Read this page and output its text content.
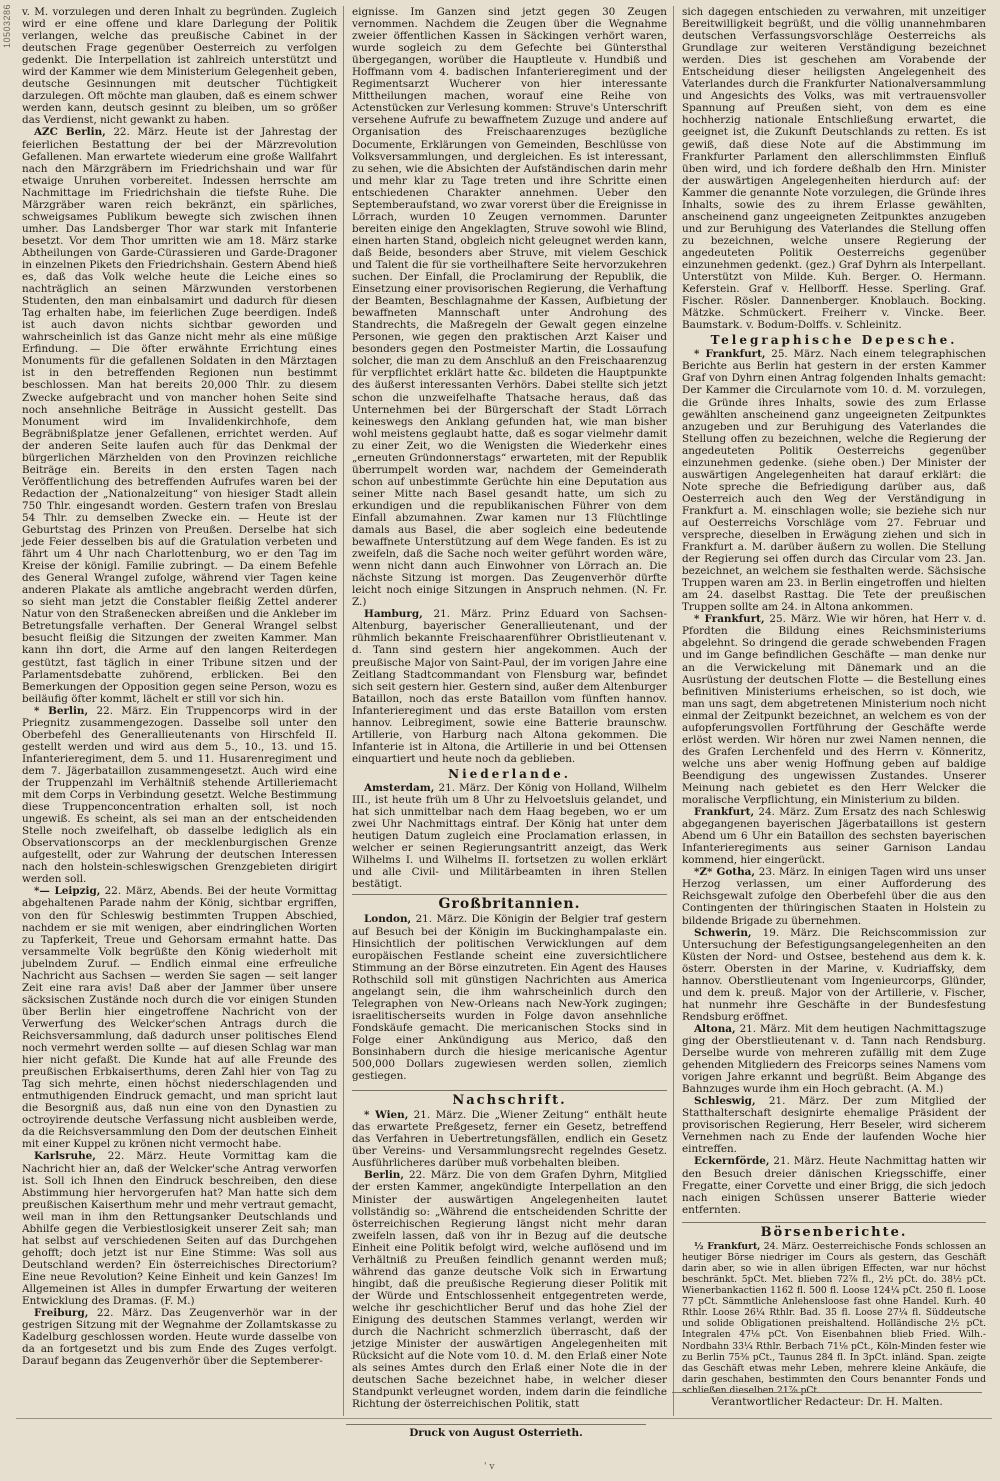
10503286 v. M. vorzulegen und deren Inhalt zu begründen. Zugleich wird er eine offene und klare Darlegung der Politik verlangen, welche das preußische Cabinet in der deutschen Frage gegenüber Oesterreich zu verfolgen gedenkt. Die Interpellation ist zahlreich unterstützt und wird der Kammer wie dem Ministerium Gelegenheit geben, deutsche Gesinnungen mit deutscher Tüchtigkeit darzulegen. Oft möchte man glauben, daß es einem schwer werden kann, deutsch gesinnt zu bleiben, um so größer das Verdienst, nicht gewankt zu haben.

AZC Berlin, 22. März. Heute ist der Jahrestag der feierlichen Bestattung der bei der Märzrevolution Gefallenen. Man erwartete wiederum eine große Wallfahrt nach den Märzgräbern im Friedrichshain und war für etwaige Unruhen vorbereitet. Indessen herrschte am Nachmittage im Friedrichshain die tiefste Ruhe. Die Märzgräber waren reich bekränzt, ein spärliches, schweigsames Publikum bewegte sich zwischen ihnen umher. Das Landsberger Thor war stark mit Infanterie besetzt. Vor dem Thor umritten wie am 18. März starke Abtheilungen von Garde-Cürassieren und Garde-Dragoner in einzelnen Pikets den Friedrichshain. Gestern Abend hieß es, daß das Volk welche heute die Leiche eines so nachträglich an seinen Märzwunden verstorbenen Studenten, den man einbalsamirt und dadurch für diesen Tag erhalten habe, im feierlichen Zuge beerdigen. Indeß ist auch davon nichts sichtbar geworden und wahrscheinlich ist das Ganze nicht mehr als eine müßige Erfindung. — Die öfter erwähnte Errichtung eines Monuments für die gefallenen Soldaten in den Märztagen ist in den betreffenden Regionen nun bestimmt beschlossen. Man hat bereits 20,000 Thlr. zu diesem Zwecke aufgebracht und von mancher hohen Seite sind noch ansehnliche Beiträge in Aussicht gestellt. Das Monument wird im Invalidenkirchhofe, dem Begräbnißplatze jener Gefallenen, errichtet werden. Auf der anderen Seite laufen auch für das Denkmal der bürgerlichen Märzhelden von den Provinzen reichliche Beiträge ein. Bereits in den ersten Tagen nach Veröffentlichung des betreffenden Aufrufes waren bei der Redaction der „Nationalzeitung“ von hiesiger Stadt allein 750 Thlr. eingesandt worden. Gestern trafen von Breslau 54 Thlr. zu demselben Zwecke ein. — Heute ist der Geburtstag des Prinzen von Preußen. Derselbe hat sich jede Feier desselben bis auf die Gratulation verbeten und fährt um 4 Uhr nach Charlottenburg, wo er den Tag im Kreise der königl. Familie zubringt. — Da einem Befehle des General Wrangel zufolge, während vier Tagen keine anderen Plakate als amtliche angebracht werden dürfen, so sieht man jetzt die Constabler fleißig Zettel anderer Natur von den Straßenecken abreißen und die Ankleber im Betretungsfalle verhaften. Der General Wrangel selbst besucht fleißig die Sitzungen der zweiten Kammer. Man kann ihn dort, die Arme auf den langen Reiterdegen gestützt, fast täglich in einer Tribune sitzen und der Parlamentsdebatte zuhörend, erblicken. Bei den Bemerkungen der Opposition gegen seine Person, wozu es beiläufig öfter kommt, lächelt er still vor sich hin.

* Berlin, 22. März. Ein Truppencorps wird in der Priegnitz zusammengezogen. Dasselbe soll unter den Oberbefehl des Generallieutenants von Hirschfeld II. gestellt werden und wird aus dem 5., 10., 13. und 15. Infanterieregiment, dem 5. und 11. Husarenregiment und dem 7. Jägerbataillon zusammengesetzt. Auch wird eine der Truppenzahl im Verhältniß stehende Artilleriemacht mit dem Corps in Verbindung gesetzt. Welche Bestimmung diese Truppenconcentration erhalten soll, ist noch ungewiß. Es scheint, als sei man an der entscheidenden Stelle noch zweifelhaft, ob dasselbe lediglich als ein Observationscorps an der mecklenburgischen Grenze aufgestellt, oder zur Wahrung der deutschen Interessen nach den holstein-schleswigschen Grenzgebieten dirigirt werden soll.

*— Leipzig, 22. März, Abends. Bei der heute Vormittag abgehaltenen Parade nahm der König, sichtbar ergriffen, von den für Schleswig bestimmten Truppen Abschied, nachdem er sie mit wenigen, aber eindringlichen Worten zu Tapferkeit, Treue und Gehorsam ermahnt hatte. Das versammelte Volk begrüßte den König wiederholt mit jubelndem Zuruf. — Endlich einmal eine erfreuliche Nachricht aus Sachsen — werden Sie sagen — seit langer Zeit eine rara avis! Daß aber der Jammer über unsere säcksischen Zustände noch durch die vor einigen Stunden über Berlin hier eingetroffene Nachricht von der Verwerfung des Welcker'schen Antrags durch die Reichsversammlung, daß dadurch unser politisches Elend noch vermehrt werden sollte — auf diesen Schlag war man hier nicht gefaßt. Die Kunde hat auf alle Freunde des preußischen Erbkaiserthums, deren Zahl hier von Tag zu Tag sich mehrte, einen höchst niederschlagenden und entmuthigenden Eindruck gemacht, und man spricht laut die Besorgniß aus, daß nun eine von den Dynastien zu octroyirende deutsche Verfassung nicht ausbleiben werde, da die Reichsversammlung den Dom der deutschen Einheit mit einer Kuppel zu krönen nicht vermocht habe.

Karlsruhe, 22. März. Heute Vormittag kam die Nachricht hier an, daß der Welcker'sche Antrag verworfen ist. Soll ich Ihnen den Eindruck beschreiben, den diese Abstimmung hier hervorgerufen hat? Man hatte sich dem preußischen Kaiserthum mehr und mehr vertraut gemacht, weil man in ihm den Rettungsanker Deutschlands und Abhilfe gegen die Verbiestlosigkeit unserer Zeit sah; man hat selbst auf verschiedenen Seiten auf das Durchgehen gehofft; doch jetzt ist nur Eine Stimme: Was soll aus Deutschland werden? Ein österreichisches Directorium? Eine neue Revolution? Keine Einheit und kein Ganzes! Im Allgemeinen ist Alles in dumpfer Erwartung der weiteren Entwicklung des Dramas. (F. M.)

Freiburg, 22. März. Das Zeugenverhör war in der gestrigen Sitzung mit der Wegnahme der Zollamtskasse zu Kadelburg geschlossen worden. Heute wurde dasselbe von da an fortgesetzt und bis zum Ende des Zuges verfolgt. Darauf begann das Zeugenverhör über die Septemberer-

eignisse. Im Ganzen sind jetzt gegen 30 Zeugen vernommen. Nachdem die Zeugen über die Wegnahme zweier öffentlichen Kassen in Säckingen verhört waren, wurde sogleich zu dem Gefechte bei Güntersthal übergegangen, worüber die Hauptleute v. Hundbiß und Hoffmann vom 4. badischen Infanterieregiment und der Regimentsarzt Wucherer von hier interessante Mittheilungen machen, worauf eine Reihe von Actenstücken zur Verlesung kommen: Struve's Unterschrift versehene Aufrufe zu bewaffnetem Zuzuge und andere auf Organisation des Freischaarenzuges bezügliche Documente, Erklärungen von Gemeinden, Beschlüsse von Volksversammlungen, und dergleichen. Es ist interessant, zu sehen, wie die Absichten der Aufständischen darin mehr und mehr klar zu Tage treten und ihre Schritte einen entschiedenen Charakter annehmen. Ueber den Septemberaufstand, wo zwar vorerst über die Ereignisse in Lörrach, wurden 10 Zeugen vernommen. Darunter bereiten einige den Angeklagten, Struve sowohl wie Blind, einen harten Stand, obgleich nicht geleugnet werden kann, daß Beide, besonders aber Struve, mit vielem Geschick und Talent die für sie vortheilhaftere Seite hervorzukehren suchen. Der Einfall, die Proclamirung der Republik, die Einsetzung einer provisorischen Regierung, die Verhaftung der Beamten, Beschlagnahme der Kassen, Aufbietung der bewaffneten Mannschaft unter Androhung des Standrechts, die Maßregeln der Gewalt gegen einzelne Personen, wie gegen den praktischen Arzt Kaiser und besonders gegen den Postmeister Martin, die Lossaufung solcher, die man zu dem Anschluß an den Freischaarenzug für verpflichtet erklärt hatte &c. bildeten die Hauptpunkte des äußerst interessanten Verhörs. Dabei stellte sich jetzt schon die unzweifelhafte Thatsache heraus, daß das Unternehmen bei der Bürgerschaft der Stadt Lörrach keineswegs den Anklang gefunden hat, wie man bisher wohl meistens geglaubt hatte, daß es sogar vielmehr damit zu einer Zeit, wo die Wenigsten die Wiederkehr eines „erneuten Gründonnerstags“ erwarteten, mit der Republik überrumpelt worden war, nachdem der Gemeinderath schon auf unbestimmte Gerüchte hin eine Deputation aus seiner Mitte nach Basel gesandt hatte, um sich zu erkundigen und die republikanischen Führer von dem Einfall abzumahnen. Zwar kamen nur 13 Flüchtlinge damals aus Basel, die aber sogleich eine bedeutende bewaffnete Unterstützung auf dem Wege fanden. Es ist zu zweifeln, daß die Sache noch weiter geführt worden wäre, wenn nicht dann auch Einwohner von Lörrach an. Die nächste Sitzung ist morgen. Das Zeugenverhör dürfte leicht noch einige Sitzungen in Anspruch nehmen. (N. Fr. Z.)

Hamburg, 21. März. Prinz Eduard von Sachsen-Altenburg, bayerischer Generallieutenant, und der rühmlich bekannte Freischaarenführer Obristlieutenant v. d. Tann sind gestern hier angekommen. Auch der preußische Major von Saint-Paul, der im vorigen Jahre eine Zeitlang Stadtcommandant von Flensburg war, befindet sich seit gestern hier. Gestern sind, außer dem Altenburger Bataillon, noch das erste Bataillon vom fünften hannov. Infanterieregiment und das erste Bataillon vom ersten hannov. Leibregiment, sowie eine Batterie braunschw. Artillerie, von Harburg nach Altona gekommen. Die Infanterie ist in Altona, die Artillerie in und bei Ottensen einquartiert und heute noch da geblieben.

Niederlande.

Amsterdam, 21. März. Der König von Holland, Wilhelm III., ist heute früh um 8 Uhr zu Helvoetsluis gelandet, und hat sich unmittelbar nach dem Haag begeben, wo er um zwei Uhr Nachmittags eintraf. Der König hat unter dem heutigen Datum zugleich eine Proclamation erlassen, in welcher er seinen Regierungsantritt anzeigt, das Werk Wilhelms I. und Wilhelms II. fortsetzen zu wollen erklärt und alle Civil- und Militärbeamten in ihren Stellen bestätigt.

Großbritannien.

London, 21. März. Die Königin der Belgier traf gestern auf Besuch bei der Königin im Buckinghampalaste ein. Hinsichtlich der politischen Verwicklungen auf dem europäischen Festlande scheint eine zuversichtlichere Stimmung an der Börse einzutreten. Ein Agent des Hauses Rothschild soll mit günstigen Nachrichten aus America angelangt sein, die ihm wahrscheinlich durch den Telegraphen von New-Orleans nach New-York zugingen; israelitischerseits wurden in Folge davon ansehnliche Fondskäufe gemacht. Die mericanischen Stocks sind in Folge einer Ankündigung aus Merico, daß den Bonsinhabern durch die hiesige mericanische Agentur 500,000 Dollars zugewiesen werden sollen, ziemlich gestiegen.

Nachschrift.

* Wien, 21. März. Die „Wiener Zeitung“ enthält heute das erwartete Preßgesetz, ferner ein Gesetz, betreffend das Verfahren in Uebertretungsfällen, endlich ein Gesetz über Vereins- und Versammlungsrecht regelndes Gesetz. Ausführlicheres darüber muß vorbehalten bleiben.

Berlin, 22. März. Die von dem Grafen Dyhrn, Mitglied der ersten Kammer, angekündigte Interpellation an den Minister der auswärtigen Angelegenheiten lautet vollständig so: „Während die entscheidenden Schritte der österreichischen Regierung längst nicht mehr daran zweifeln lassen, daß von ihr in Bezug auf die deutsche Einheit eine Politik befolgt wird, welche auflösend und im Verhältniß zu Preußen feindlich genannt werden muß; während das ganze deutsche Volk sich in Erwartung hingibt, daß die preußische Regierung dieser Politik mit der Würde und Entschlossenheit entgegentreten werde, welche ihr geschichtlicher Beruf und das hohe Ziel der Einigung des deutschen Stammes verlangt, werden wir durch die Nachricht schmerzlich überrascht, daß der jetzige Minister der auswärtigen Angelegenheiten mit Rücksicht auf die Note vom 10. d. M. den Erlaß einer Note als seines Amtes durch den Erlaß einer Note die in der deutschen Sache bezeichnet habe, in welcher dieser Standpunkt verleugnet worden, indem darin die feindliche Richtung der österreichischen Politik, statt

sich dagegen entschieden zu verwahren, mit unzeitiger Bereitwilligkeit begrüßt, und die völlig unannehmbaren deutschen Verfassungsvorschläge Oesterreichs als Grundlage zur weiteren Verständigung bezeichnet werden. Dies ist geschehen am Vorabende der Entscheidung dieser heiligsten Angelegenheit des Vaterlandes durch die Frankfurter Nationalversammlung und Angesichts des Volks, was mit vertrauensvoller Spannung auf Preußen sieht, von dem es eine hochherzig nationale Entschließung erwartet, die geeignet ist, die Zukunft Deutschlands zu retten. Es ist gewiß, daß diese Note auf die Abstimmung im Frankfurter Parlament den allerschlimmsten Einfluß üben wird, und ich fordere deßhalb den Hrn. Minister der auswärtigen Angelegenheiten hierdurch auf: der Kammer die genannte Note vorzulegen, die Gründe ihres Inhalts, sowie des zu ihrem Erlasse gewählten, anscheinend ganz ungeeigneten Zeitpunktes anzugeben und zur Beruhigung des Vaterlandes die Stellung offen zu bezeichnen, welche unsere Regierung der angedeuteten Politik Oesterreichs gegenüber einzunehmen gedenkt. (gez.) Graf Dyhrn als Interpellant. Unterstützt von Milde. Kuh. Berger. O. Hermann. Keferstein. Graf v. Hellborff. Hesse. Sperling. Graf. Fischer. Rösler. Dannenberger. Knoblauch. Bocking. Mätzke. Schmückert. Freiherr v. Vincke. Beer. Baumstark. v. Bodum-Dolffs. v. Schleinitz.

Telegraphische Depesche.

* Frankfurt, 25. März. Nach einem telegraphischen Berichte aus Berlin hat gestern in der ersten Kammer Graf von Dyhrn einen Antrag folgenden Inhalts gemacht: Der Kammer die Circularnote vom 10. d. M. vorzulegen, die Gründe ihres Inhalts, sowie des zum Erlasse gewählten anscheinend ganz ungeeigneten Zeitpunktes anzugeben und zur Beruhigung des Vaterlandes die Stellung offen zu bezeichnen, welche die Regierung der angedeuteten Politik Oesterreichs gegenüber einzunehmen gedenke. (siehe oben.) Der Minister der auswärtigen Angelegenheiten hat darauf erklärt: die Note spreche die Befriedigung darüber aus, daß Oesterreich auch den Weg der Verständigung in Frankfurt a. M. einschlagen wolle; sie beziehe sich nur auf Oesterreichs Vorschläge vom 27. Februar und verspreche, dieselben in Erwägung ziehen und sich in Frankfurt a. M. darüber äußern zu wollen. Die Stellung der Regierung sei offen durch das Circular vom 23. Jan. bezeichnet, an welchem sie festhalten werde. Sächsische Truppen waren am 23. in Berlin eingetroffen und hielten am 24. daselbst Rasttag. Die Tete der preußischen Truppen sollte am 24. in Altona ankommen.

* Frankfurt, 25. März. Wie wir hören, hat Herr v. d. Pfordten die Bildung eines Reichsministeriums abgelehnt. So dringend die gerade schwebenden Fragen und im Gange befindlichen Geschäfte — man denke nur an die Verwickelung mit Dänemark und an die Ausrüstung der deutschen Flotte — die Bestellung eines befinitiven Ministeriums erheischen, so ist doch, wie man uns sagt, dem abgetretenen Ministerium noch nicht einmal der Zeitpunkt bezeichnet, an welchem es von der aufopferungsvollen Fortführung der Geschäfte werde erlöst werden. Wir hören nur zwei Namen nennen, die des Grafen Lerchenfeld und des Herrn v. Könneritz, welche uns aber wenig Hoffnung geben auf baldige Beendigung des ungewissen Zustandes. Unserer Meinung nach gebietet es den Herr Welcker die moralische Verpflichtung, ein Ministerium zu bilden.

Frankfurt, 24. März. Zum Ersatz des nach Schleswig abgegangenen bayerischen Jägerbataillons ist gestern Abend um 6 Uhr ein Bataillon des sechsten bayerischen Infanterieregiments aus seiner Garnison Landau kommend, hier eingerückt.

*Z* Gotha, 23. März. In einigen Tagen wird uns unser Herzog verlassen, um einer Aufforderung des Reichsgewalt zufolge den Oberbefehl über die aus den Contingenten der thüringischen Staaten in Holstein zu bildende Brigade zu übernehmen.

Schwerin, 19. März. Die Reichscommission zur Untersuchung der Befestigungsangelegenheiten an den Küsten der Nord- und Ostsee, bestehend aus dem k. k. österr. Obersten in der Marine, v. Kudriaffsky, dem hannov. Oberstlieutenant vom Ingenieurcorps, Glünder, und dem k. preuß. Major von der Artillerie, v. Fischer, hat nunmehr ihre Geschäfte in der Bundesfestung Rendsburg eröffnet.

Altona, 21. März. Mit dem heutigen Nachmittagszuge ging der Oberstlieutenant v. d. Tann nach Rendsburg. Derselbe wurde von mehreren zufällig mit dem Zuge gehenden Mitgliedern des Freicorps seines Namens vom vorigen Jahre erkannt und begrüßt. Beim Abgange des Bahnzuges wurde ihm ein Hoch gebracht. (A. M.)

Schleswig, 21. März. Der zum Mitglied der Statthalterschaft designirte ehemalige Präsident der provisorischen Regierung, Herr Beseler, wird sicherem Vernehmen nach zu Ende der laufenden Woche hier eintreffen.

Eckernförde, 21. März. Heute Nachmittag hatten wir den Besuch dreier dänischen Kriegsschiffe, einer Fregatte, einer Corvette und einer Brigg, die sich jedoch nach einigen Schüssen unserer Batterie wieder entfernten.

Börsenberichte.

½ Frankfurt, 24. März. Oesterreichische Fonds schlossen an heutiger Börse niedriger im Cours als gestern, das Geschäft darin aber, so wie in allen übrigen Effecten, war nur höchst beschränkt. 5pCt. Met. blieben 72⅞ fl., 2½ pCt. do. 38½ pCt. Wienerbankactien 1162 fl. 500 fl. Loose 124¼ pCt. 250 fl. Loose 77 pCt. Sämmtliche Anlehensloose fast ohne Handel. Kurh. 40 Rthlr. Loose 26¼ Rthlr. Bad. 35 fl. Loose 27¼ fl. Süddeutsche und solide Obligationen preishaltend. Holländische 2½ pCt. Integralen 47⅛ pCt. Von Eisenbahnen blieb Fried. Wilh.-Nordbahn 33¼ Rthlr. Berbach 71⅛ pCt., Köln-Minden fester wie zu Berlin 75⅜ pCt., Taunus 284 fl. In 3pCt. inländ. Span. zeigte das Geschäft etwas mehr Leben, mehrere kleine Ankäufe, die darin geschahen, bestimmten den Cours benannter Fonds und schließen dieselben 21⅞ pCt.

Verantwortlicher Redacteur: Dr. H. Malten.
Druck von August Osterrieth.
' v
